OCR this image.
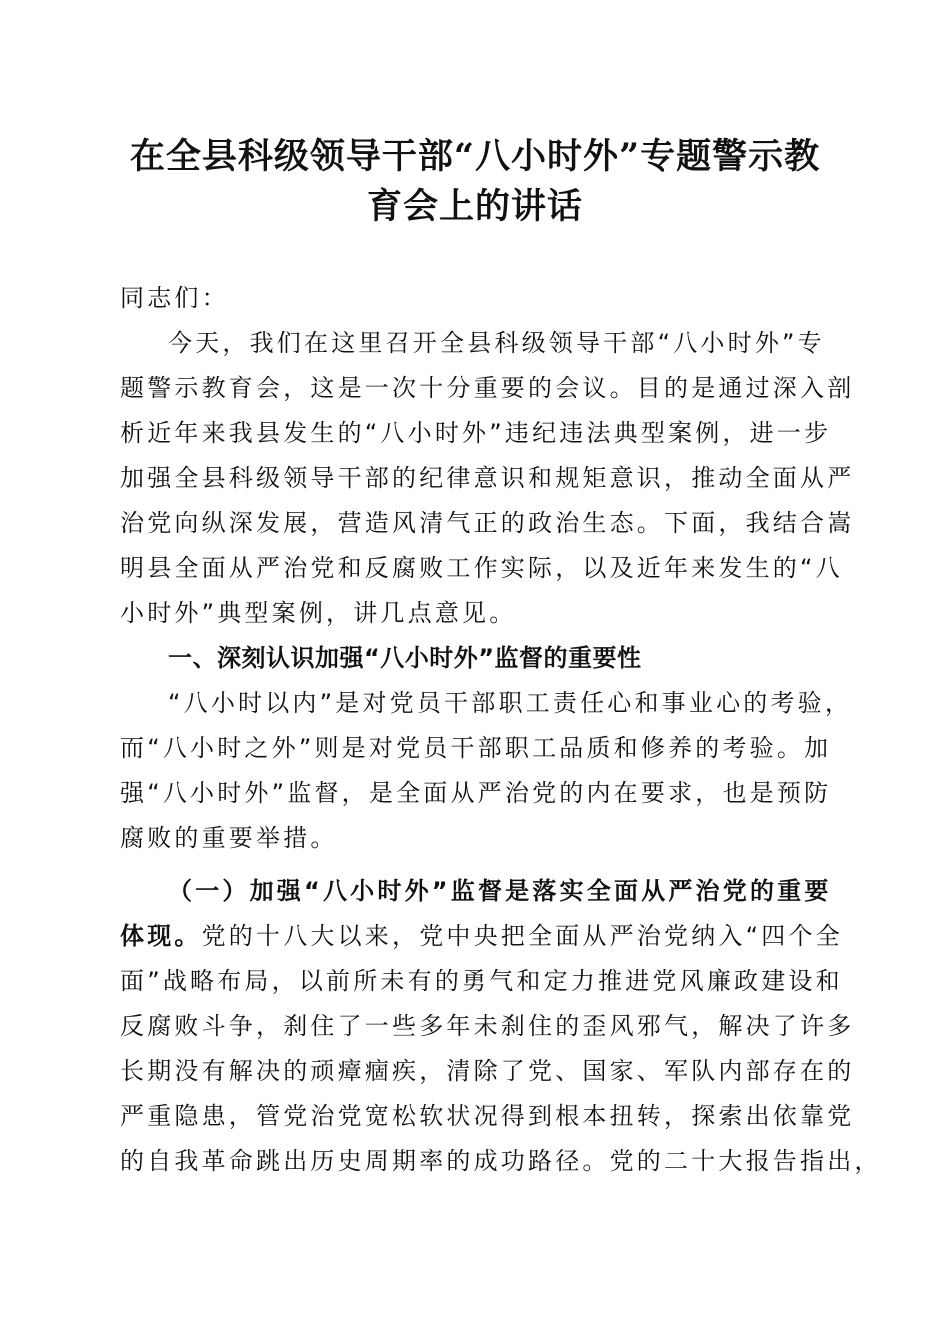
在全县科级领导干部“八小时外”专题警示教
育会上的讲话
同志们：
今天，我们在这里召开全县科级领导干部“八小时外”专
题警示教育会，这是一次十分重要的会议。目的是通过深入剖
析近年来我县发生的“八小时外”违纪违法典型案例，进一步
加强全县科级领导干部的纪律意识和规矩意识，推动全面从严
治党向纵深发展，营造风清气正的政治生态。下面，我结合嵩
明县全面从严治党和反腐败工作实际，以及近年来发生的“八
小时外”典型案例，讲几点意见。
一、深刻认识加强“八小时外”监督的重要性
“八小时以内”是对党员干部职工责任心和事业心的考验，
而“八小时之外”则是对党员干部职工品质和修养的考验。加
强“八小时外”监督，是全面从严治党的内在要求，也是预防
腐败的重要举措。
（一）加强“八小时外”监督是落实全面从严治党的重要
体现。党的十八大以来，党中央把全面从严治党纳入“四个全
面”战略布局，以前所未有的勇气和定力推进党风廉政建设和
反腐败斗争，刹住了一些多年未刹住的歪风邪气，解决了许多
长期没有解决的顽瘴痼疾，清除了党、国家、军队内部存在的
严重隐患，管党治党宽松软状况得到根本扭转，探索出依靠党
的自我革命跳出历史周期率的成功路径。党的二十大报告指出，
